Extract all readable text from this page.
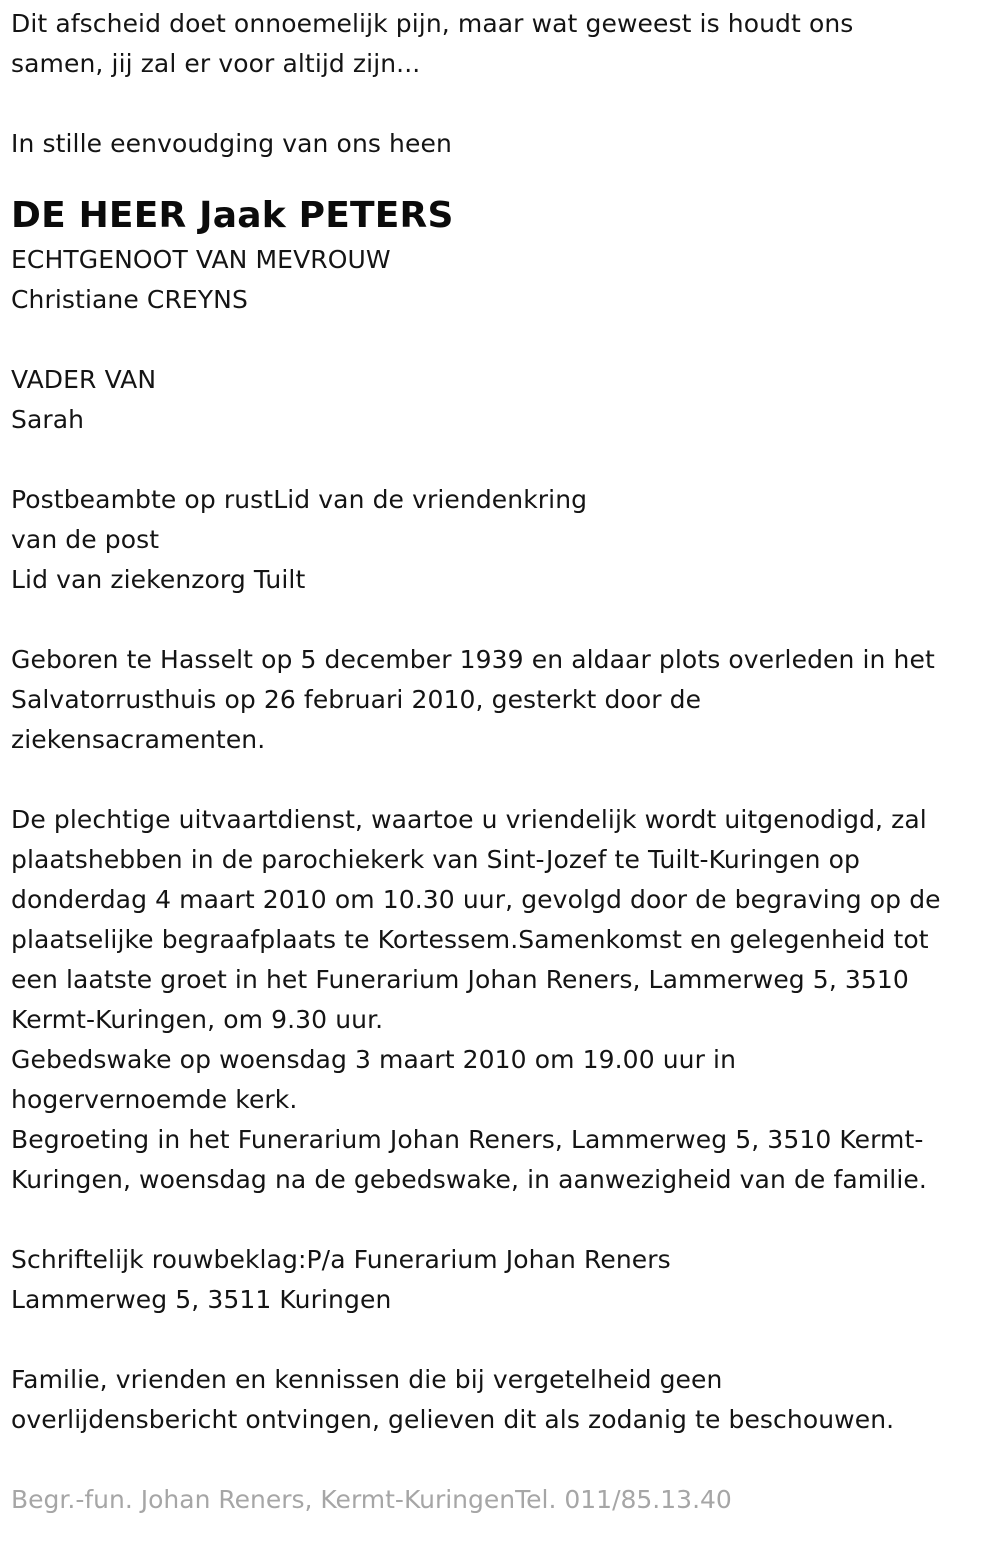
Dit afscheid doet onnoemelijk pijn, maar wat geweest is houdt ons
samen, jij zal er voor altijd zijn...

In stille eenvoudging van ons heen

DE HEER Jaak PETERS

ECHTGENOOT VAN MEVROUW

Christiane CREYNS

VADER VAN

Sarah

Postbeambte op rustLid van de vriendenkring
van de post
Lid van ziekenzorg Tuilt

Geboren te Hasselt op 5 december 1939 en aldaar plots overleden in het
Salvatorrusthuis op 26 februari 2010, gesterkt door de
ziekensacramenten.

De plechtige uitvaartdienst, waartoe u vriendelijk wordt uitgenodigd, zal
plaatshebben in de parochiekerk van Sint-Jozef te Tuilt-Kuringen op
donderdag 4 maart 2010 om 10.30 uur, gevolgd door de begraving op de
plaatselijke begraafplaats te Kortessem.Samenkomst en gelegenheid tot
een laatste groet in het Funerarium Johan Reners, Lammerweg 5, 3510
Kermt-Kuringen, om 9.30 uur.
Gebedswake op woensdag 3 maart 2010 om 19.00 uur in
hogervernoemde kerk.
Begroeting in het Funerarium Johan Reners, Lammerweg 5, 3510 Kermt-
Kuringen, woensdag na de gebedswake, in aanwezigheid van de familie.

Schriftelijk rouwbeklag:P/a Funerarium Johan Reners
Lammerweg 5, 3511 Kuringen

Familie, vrienden en kennissen die bij vergetelheid geen
overlijdensbericht ontvingen, gelieven dit als zodanig te beschouwen.

Begr.-fun. Johan Reners, Kermt-KuringenTel. 011/85.13.40
